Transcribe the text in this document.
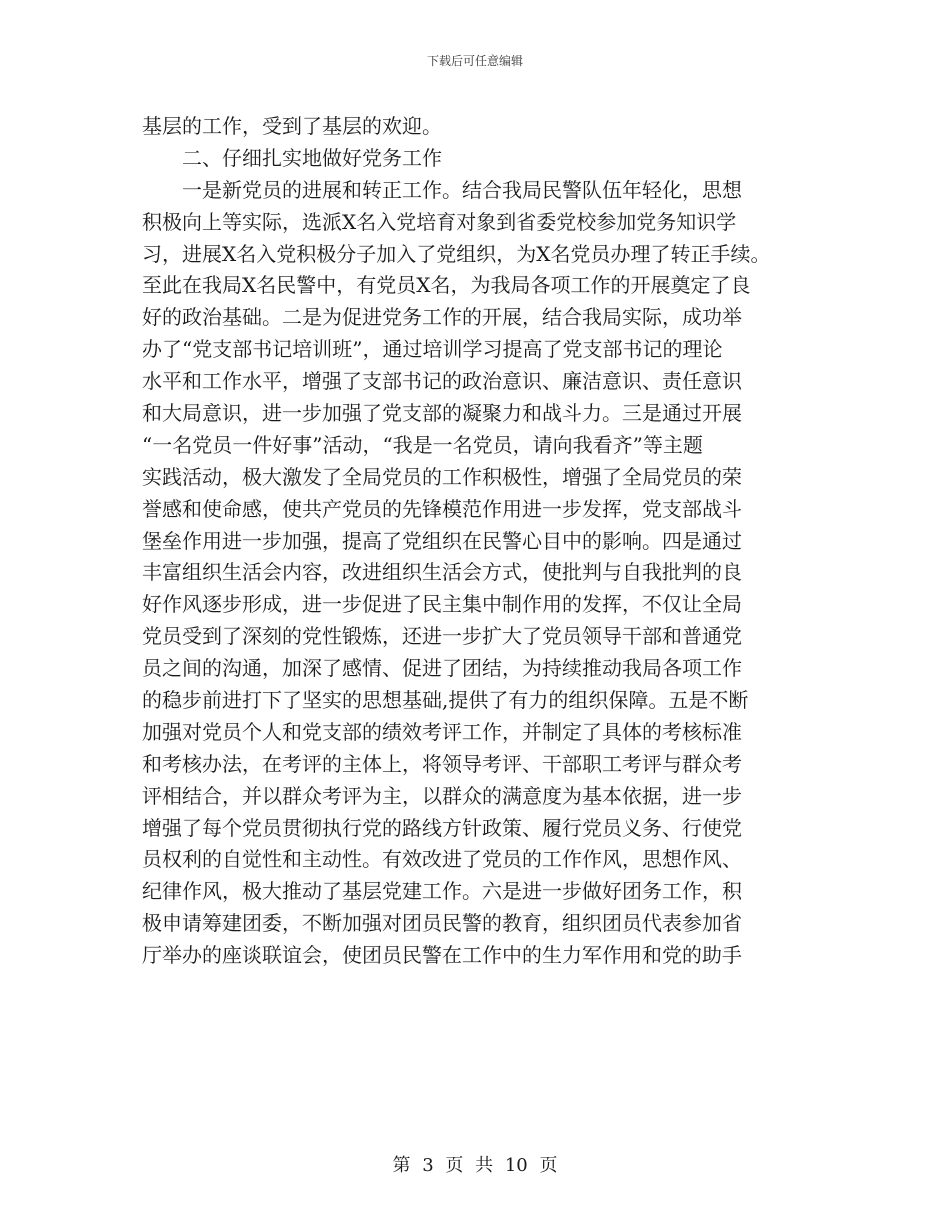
下载后可任意编辑
基层的工作，受到了基层的欢迎。
二、仔细扎实地做好党务工作
一是新党员的进展和转正工作。结合我局民警队伍年轻化，思想
积极向上等实际，选派X名入党培育对象到省委党校参加党务知识学
习，进展X名入党积极分子加入了党组织，为X名党员办理了转正手续。
至此在我局X名民警中，有党员X名，为我局各项工作的开展奠定了良
好的政治基础。二是为促进党务工作的开展，结合我局实际，成功举
办了“党支部书记培训班”，通过培训学习提高了党支部书记的理论
水平和工作水平，增强了支部书记的政治意识、廉洁意识、责任意识
和大局意识，进一步加强了党支部的凝聚力和战斗力。三是通过开展
“一名党员一件好事”活动，“我是一名党员，请向我看齐”等主题
实践活动，极大激发了全局党员的工作积极性，增强了全局党员的荣
誉感和使命感，使共产党员的先锋模范作用进一步发挥，党支部战斗
堡垒作用进一步加强，提高了党组织在民警心目中的影响。四是通过
丰富组织生活会内容，改进组织生活会方式，使批判与自我批判的良
好作风逐步形成，进一步促进了民主集中制作用的发挥，不仅让全局
党员受到了深刻的党性锻炼，还进一步扩大了党员领导干部和普通党
员之间的沟通，加深了感情、促进了团结，为持续推动我局各项工作
的稳步前进打下了坚实的思想基础,提供了有力的组织保障。五是不断
加强对党员个人和党支部的绩效考评工作，并制定了具体的考核标准
和考核办法，在考评的主体上，将领导考评、干部职工考评与群众考
评相结合，并以群众考评为主，以群众的满意度为基本依据，进一步
增强了每个党员贯彻执行党的路线方针政策、履行党员义务、行使党
员权利的自觉性和主动性。有效改进了党员的工作作风，思想作风、
纪律作风，极大推动了基层党建工作。六是进一步做好团务工作，积
极申请筹建团委，不断加强对团员民警的教育，组织团员代表参加省
厅举办的座谈联谊会，使团员民警在工作中的生力军作用和党的助手
第 3 页 共 10 页
